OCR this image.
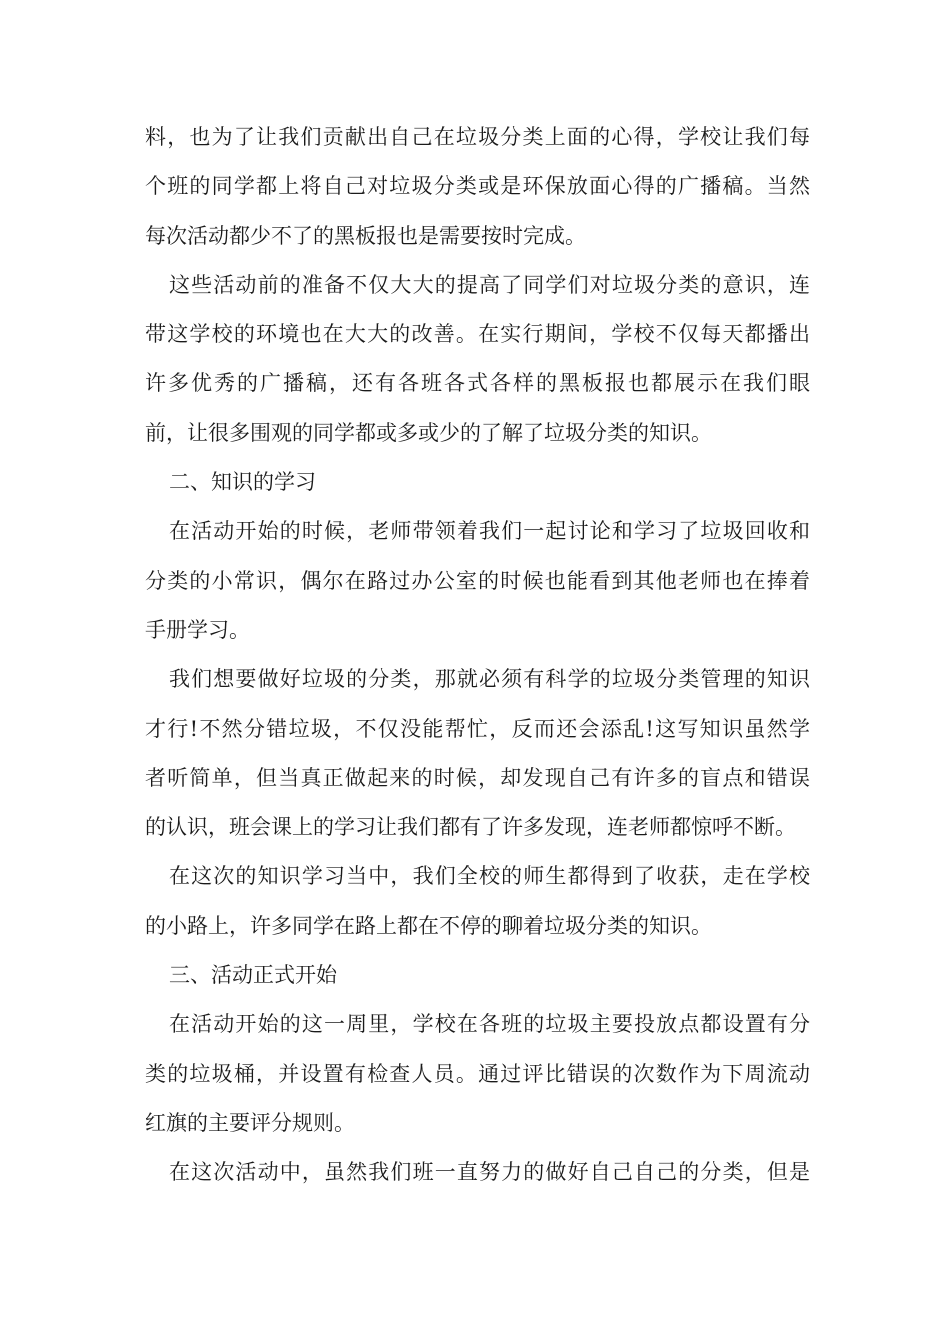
料，也为了让我们贡献出自己在垃圾分类上面的心得，学校让我们每
个班的同学都上将自己对垃圾分类或是环保放面心得的广播稿。当然
每次活动都少不了的黑板报也是需要按时完成。
这些活动前的准备不仅大大的提高了同学们对垃圾分类的意识，连
带这学校的环境也在大大的改善。在实行期间，学校不仅每天都播出
许多优秀的广播稿，还有各班各式各样的黑板报也都展示在我们眼
前，让很多围观的同学都或多或少的了解了垃圾分类的知识。
二、知识的学习
在活动开始的时候，老师带领着我们一起讨论和学习了垃圾回收和
分类的小常识，偶尔在路过办公室的时候也能看到其他老师也在捧着
手册学习。
我们想要做好垃圾的分类，那就必须有科学的垃圾分类管理的知识
才行!不然分错垃圾，不仅没能帮忙，反而还会添乱!这写知识虽然学
者听简单，但当真正做起来的时候，却发现自己有许多的盲点和错误
的认识，班会课上的学习让我们都有了许多发现，连老师都惊呼不断。
在这次的知识学习当中，我们全校的师生都得到了收获，走在学校
的小路上，许多同学在路上都在不停的聊着垃圾分类的知识。
三、活动正式开始
在活动开始的这一周里，学校在各班的垃圾主要投放点都设置有分
类的垃圾桶，并设置有检查人员。通过评比错误的次数作为下周流动
红旗的主要评分规则。
在这次活动中，虽然我们班一直努力的做好自己自己的分类，但是
